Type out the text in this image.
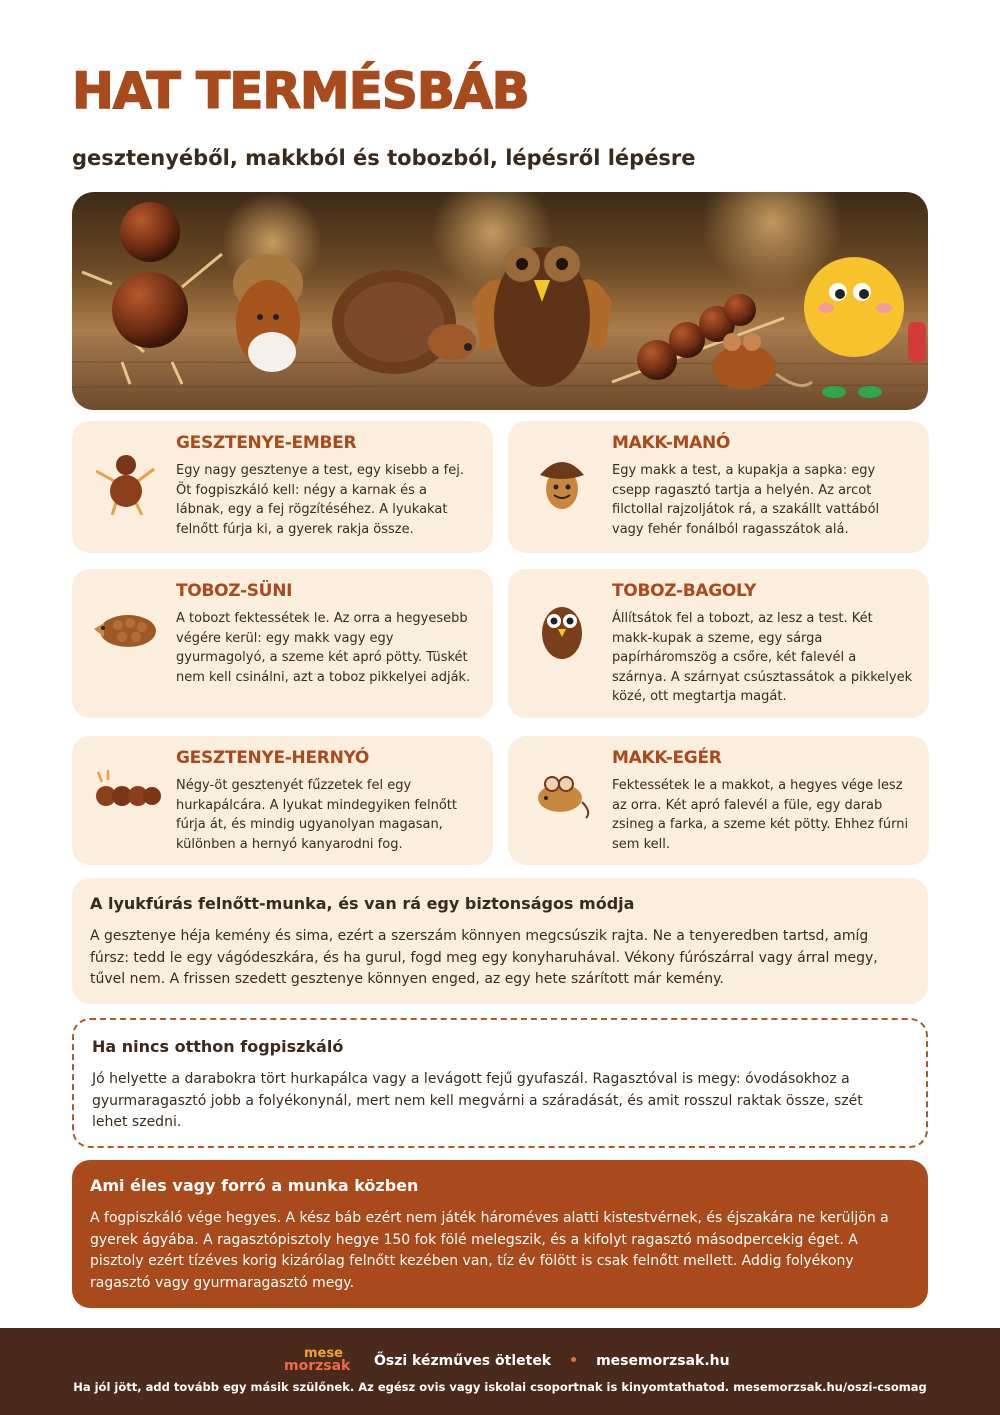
HAT TERMÉSBÁB
gesztenyéből, makkból és tobozból, lépésről lépésre
GESZTENYE-EMBER

Egy nagy gesztenye a test, egy kisebb a fej. Öt fogpiszkáló kell: négy a karnak és a lábnak, egy a fej rögzítéséhez. A lyukakat felnőtt fúrja ki, a gyerek rakja össze.

MAKK-MANÓ

Egy makk a test, a kupakja a sapka: egy csepp ragasztó tartja a helyén. Az arcot filctollal rajzoljátok rá, a szakállt vattából vagy fehér fonálból ragasszátok alá.

TOBOZ-SÜNI

A tobozt fektessétek le. Az orra a hegyesebb végére kerül: egy makk vagy egy gyurmagolyó, a szeme két apró pötty. Tüskét nem kell csinálni, azt a toboz pikkelyei adják.

TOBOZ-BAGOLY

Állítsátok fel a tobozt, az lesz a test. Két makk-kupak a szeme, egy sárga papírháromszög a csőre, két falevél a szárnya. A szárnyat csúsztassátok a pikkelyek közé, ott megtartja magát.

GESZTENYE-HERNYÓ

Négy-öt gesztenyét fűzzetek fel egy hurkapálcára. A lyukat mindegyiken felnőtt fúrja át, és mindig ugyanolyan magasan, különben a hernyó kanyarodni fog.

MAKK-EGÉR

Fektessétek le a makkot, a hegyes vége lesz az orra. Két apró falevél a füle, egy darab zsineg a farka, a szeme két pötty. Ehhez fúrni sem kell.

A lyukfúrás felnőtt-munka, és van rá egy biztonságos módja

A gesztenye héja kemény és sima, ezért a szerszám könnyen megcsúszik rajta. Ne a tenyeredben tartsd, amíg fúrsz: tedd le egy vágódeszkára, és ha gurul, fogd meg egy konyharuhával. Vékony fúrószárral vagy árral megy, tűvel nem. A frissen szedett gesztenye könnyen enged, az egy hete szárított már kemény.

Ha nincs otthon fogpiszkáló

Jó helyette a darabokra tört hurkapálca vagy a levágott fejű gyufaszál. Ragasztóval is megy: óvodásokhoz a gyurmaragasztó jobb a folyékonynál, mert nem kell megvárni a száradását, és amit rosszul raktak össze, szét lehet szedni.

Ami éles vagy forró a munka közben

A fogpiszkáló vége hegyes. A kész báb ezért nem játék hároméves alatti kistestvérnek, és éjszakára ne kerüljön a gyerek ágyába. A ragasztópisztoly hegye 150 fok fölé melegszik, és a kifolyt ragasztó másodpercekig éget. A pisztoly ezért tízéves korig kizárólag felnőtt kezében van, tíz év fölött is csak felnőtt mellett. Addig folyékony ragasztó vagy gyurmaragasztó megy.

mese
morzsak Őszi kézműves ötletek • mesemorzsak.hu
Ha jól jött, add tovább egy másik szülőnek. Az egész ovis vagy iskolai csoportnak is kinyomtathatod. mesemorzsak.hu/oszi-csomag
